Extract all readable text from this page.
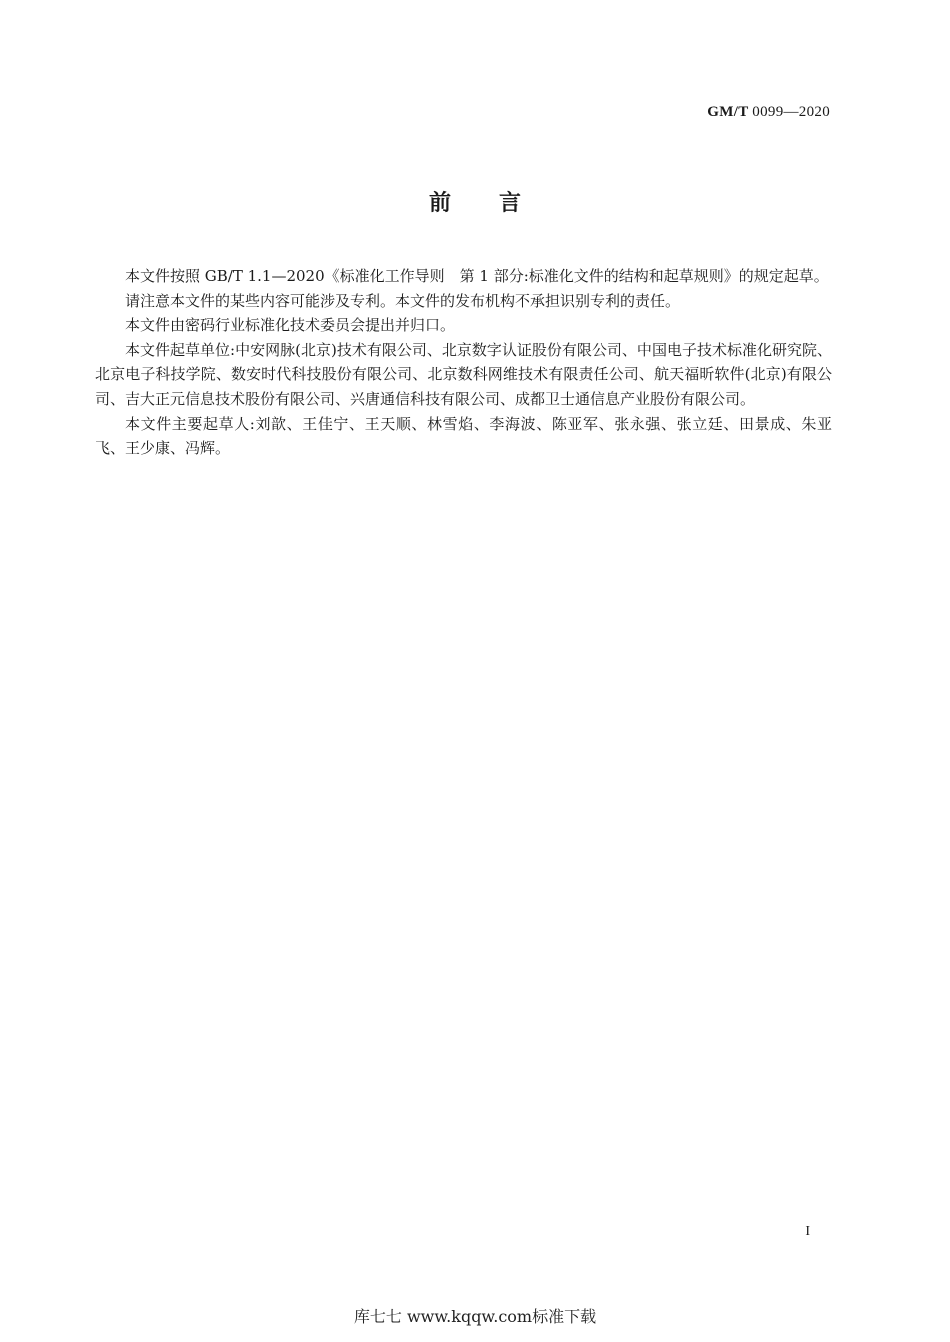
GM/T 0099—2020
前言

本文件按照 GB/T 1.1—2020《标准化工作导则　第 1 部分:标准化文件的结构和起草规则》的规定起草。

请注意本文件的某些内容可能涉及专利。本文件的发布机构不承担识别专利的责任。

本文件由密码行业标准化技术委员会提出并归口。

本文件起草单位:中安网脉(北京)技术有限公司、北京数字认证股份有限公司、中国电子技术标准化研究院、北京电子科技学院、数安时代科技股份有限公司、北京数科网维技术有限责任公司、航天福昕软件(北京)有限公司、吉大正元信息技术股份有限公司、兴唐通信科技有限公司、成都卫士通信息产业股份有限公司。

本文件主要起草人:刘歆、王佳宁、王天顺、林雪焰、李海波、陈亚军、张永强、张立廷、田景成、朱亚飞、王少康、冯辉。

I
库七七 www.kqqw.com标准下载
